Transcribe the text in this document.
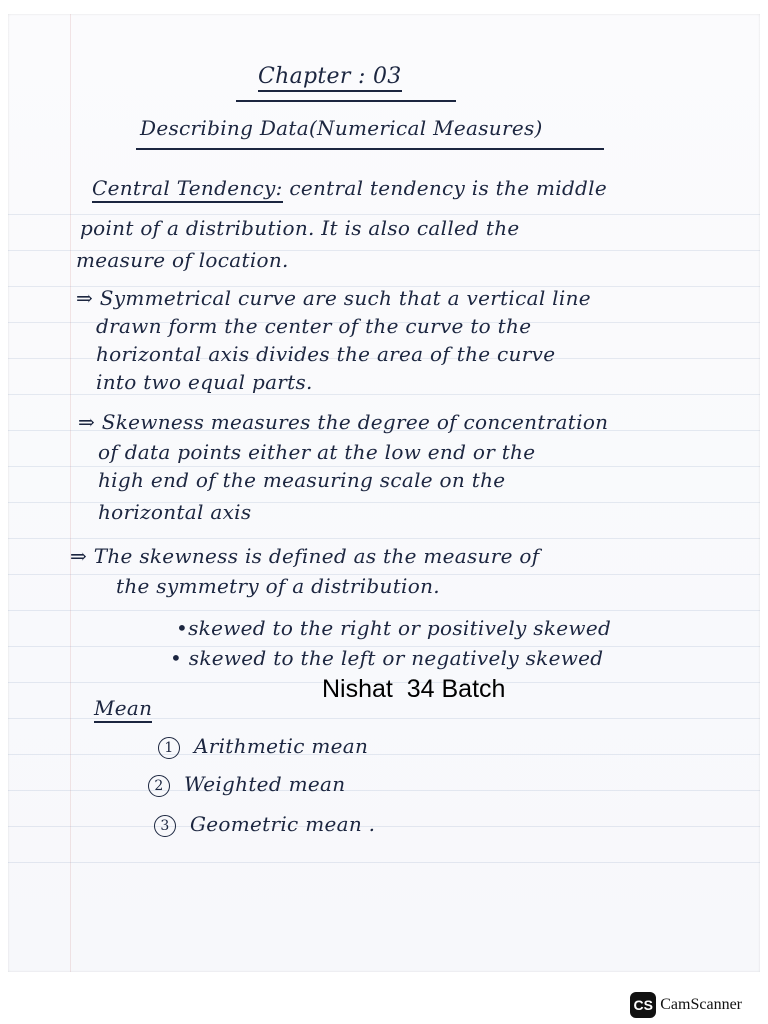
Chapter : 03
Describing Data(Numerical Measures)
Central Tendency: central tendency is the middle
point of a distribution. It is also called the
measure of location.
⇒ Symmetrical curve are such that a vertical line
drawn form the center of the curve to the
horizontal axis divides the area of the curve
into two equal parts.
⇒ Skewness measures the degree of concentration
of data points either at the low end or the
high end of the measuring scale on the
horizontal axis
⇒ The skewness is defined as the measure of
the symmetry of a distribution.
•skewed to the right or positively skewed
• skewed to the left or negatively skewed
Nishat  34 Batch
Mean
1 Arithmetic mean
2 Weighted mean
3 Geometric mean .
CS CamScanner
